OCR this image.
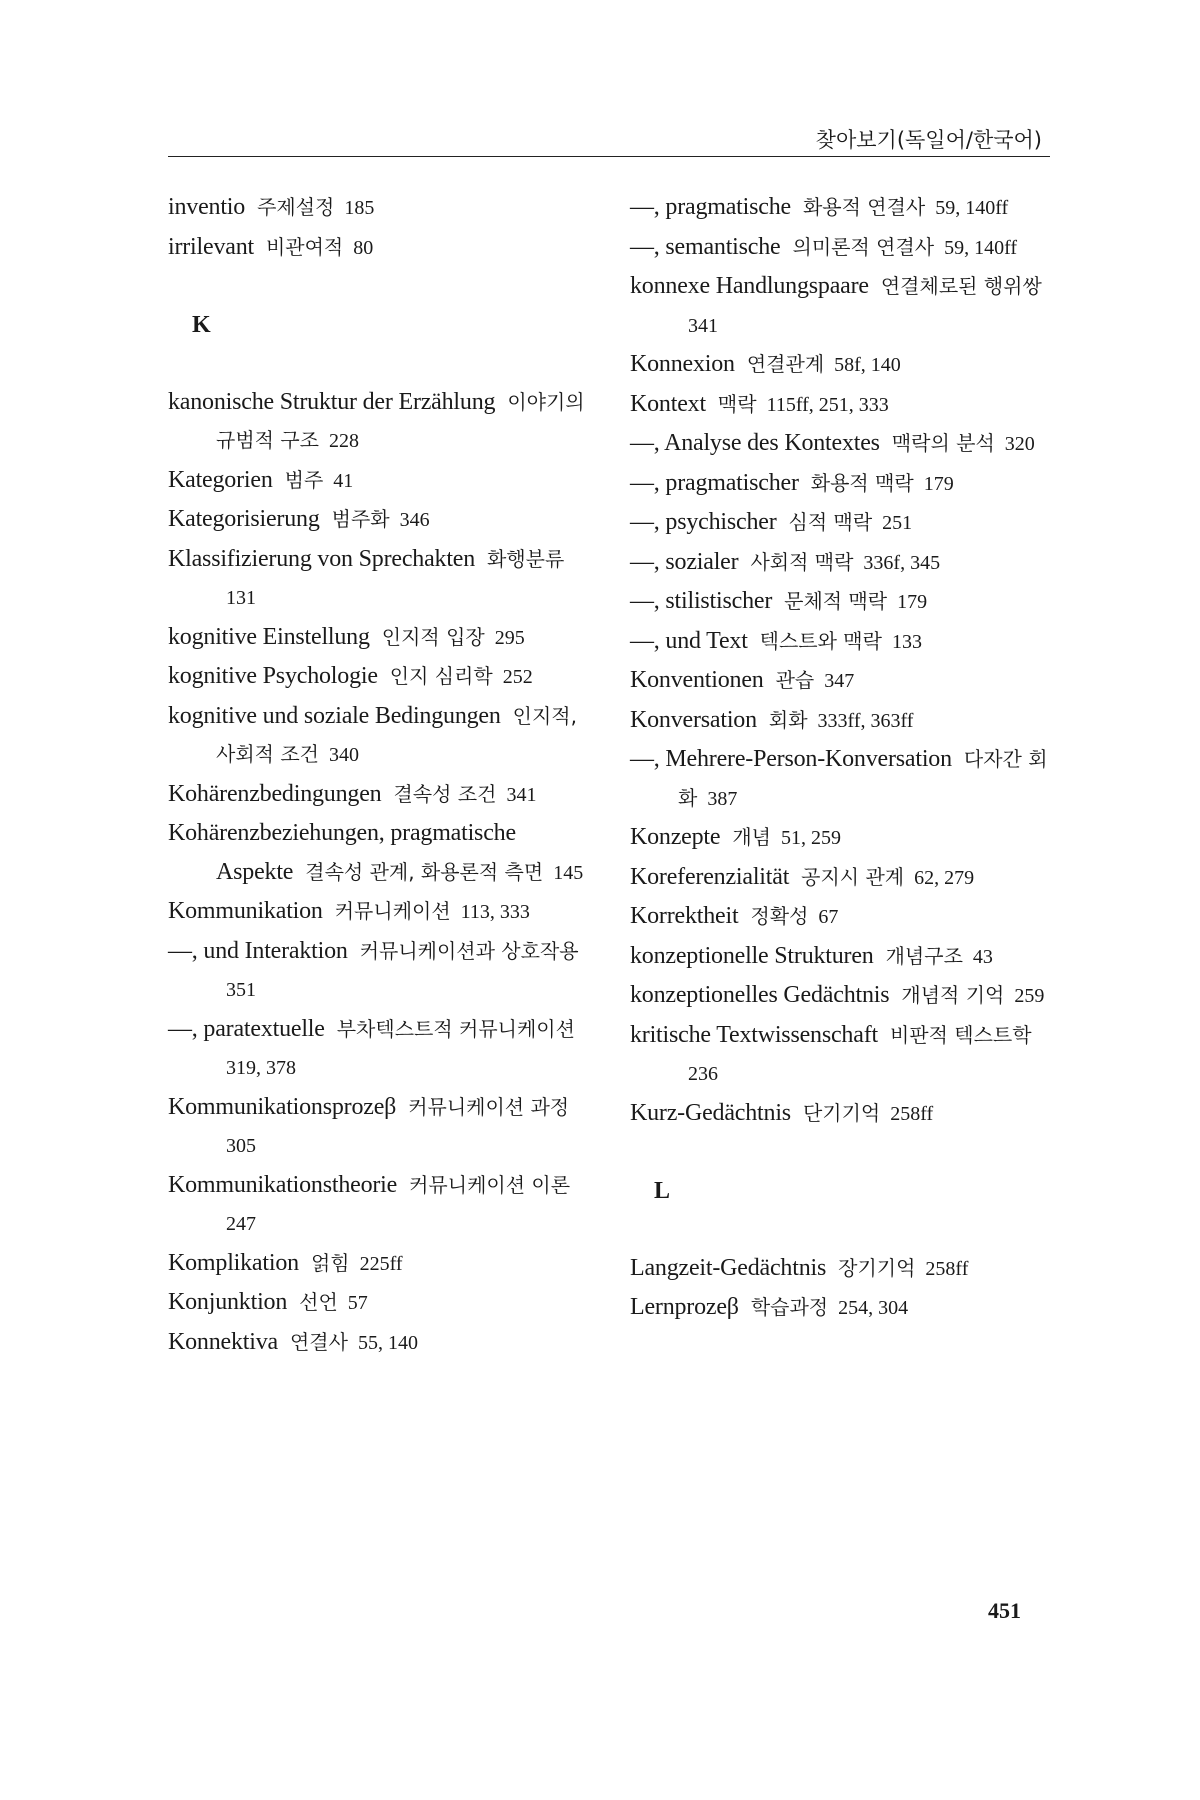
찾아보기(독일어/한국어)

inventio 주제설정 185

irrilevant 비관여적 80

K

kanonische Struktur der Erzählung 이야기의 규범적 구조 228

Kategorien 범주 41

Kategorisierung 범주화 346

Klassifizierung von Sprechakten 화행분류131

kognitive Einstellung 인지적 입장 295

kognitive Psychologie 인지 심리학 252

kognitive und soziale Bedingungen 인지적, 사회적 조건 340

Kohärenzbedingungen 결속성 조건 341

Kohärenzbeziehungen, pragmatische Aspekte 결속성 관계, 화용론적 측면 145

Kommunikation 커뮤니케이션 113, 333

—, und Interaktion 커뮤니케이션과 상호작용351

—, paratextuelle 부차텍스트적 커뮤니케이션319, 378

Kommunikationsprozeβ 커뮤니케이션 과정305

Kommunikationstheorie 커뮤니케이션 이론247

Komplikation 얽힘 225ff

Konjunktion 선언 57

Konnektiva 연결사 55, 140

—, pragmatische 화용적 연결사 59, 140ff

—, semantische 의미론적 연결사 59, 140ff

konnexe Handlungspaare 연결체로된 행위쌍341

Konnexion 연결관계 58f, 140

Kontext 맥락 115ff, 251, 333

—, Analyse des Kontextes 맥락의 분석 320

—, pragmatischer 화용적 맥락 179

—, psychischer 심적 맥락 251

—, sozialer 사회적 맥락 336f, 345

—, stilistischer 문체적 맥락 179

—, und Text 텍스트와 맥락 133

Konventionen 관습 347

Konversation 회화 333ff, 363ff

—, Mehrere-Person-Konversation 다자간 회화 387

Konzepte 개념 51, 259

Koreferenzialität 공지시 관계 62, 279

Korrektheit 정확성 67

konzeptionelle Strukturen 개념구조 43

konzeptionelles Gedächtnis 개념적 기억 259

kritische Textwissenschaft 비판적 텍스트학236

Kurz-Gedächtnis 단기기억 258ff

L

Langzeit-Gedächtnis 장기기억 258ff

Lernprozeβ 학습과정 254, 304

451
